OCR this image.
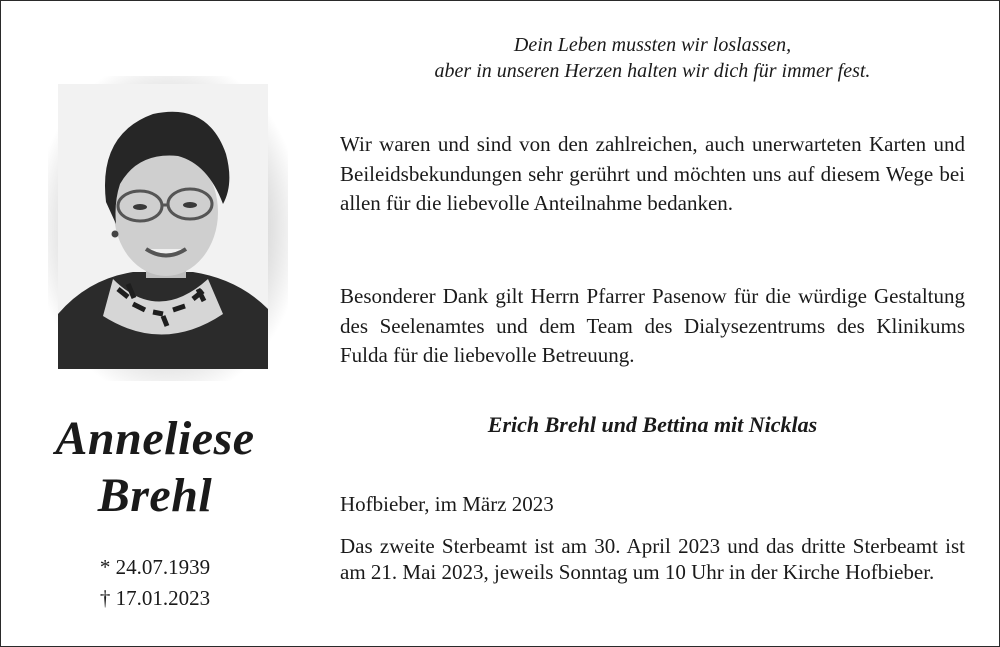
Dein Leben mussten wir loslassen,
aber in unseren Herzen halten wir dich für immer fest.
Wir waren und sind von den zahlreichen, auch unerwarteten Karten und Beileidsbekundungen sehr gerührt und möchten uns auf diesem Wege bei allen für die liebevolle Anteilnahme bedanken.
Besonderer Dank gilt Herrn Pfarrer Pasenow für die würdige Gestaltung des Seelenamtes und dem Team des Dialysezentrums des Klinikums Fulda für die liebevolle Betreuung.
Erich Brehl und Bettina mit Nicklas
Anneliese
Brehl
* 24.07.1939
† 17.01.2023
Hofbieber, im März 2023
Das zweite Sterbeamt ist am 30. April 2023 und das dritte Sterbeamt ist am 21. Mai 2023, jeweils Sonntag um 10 Uhr in der Kirche Hofbieber.
